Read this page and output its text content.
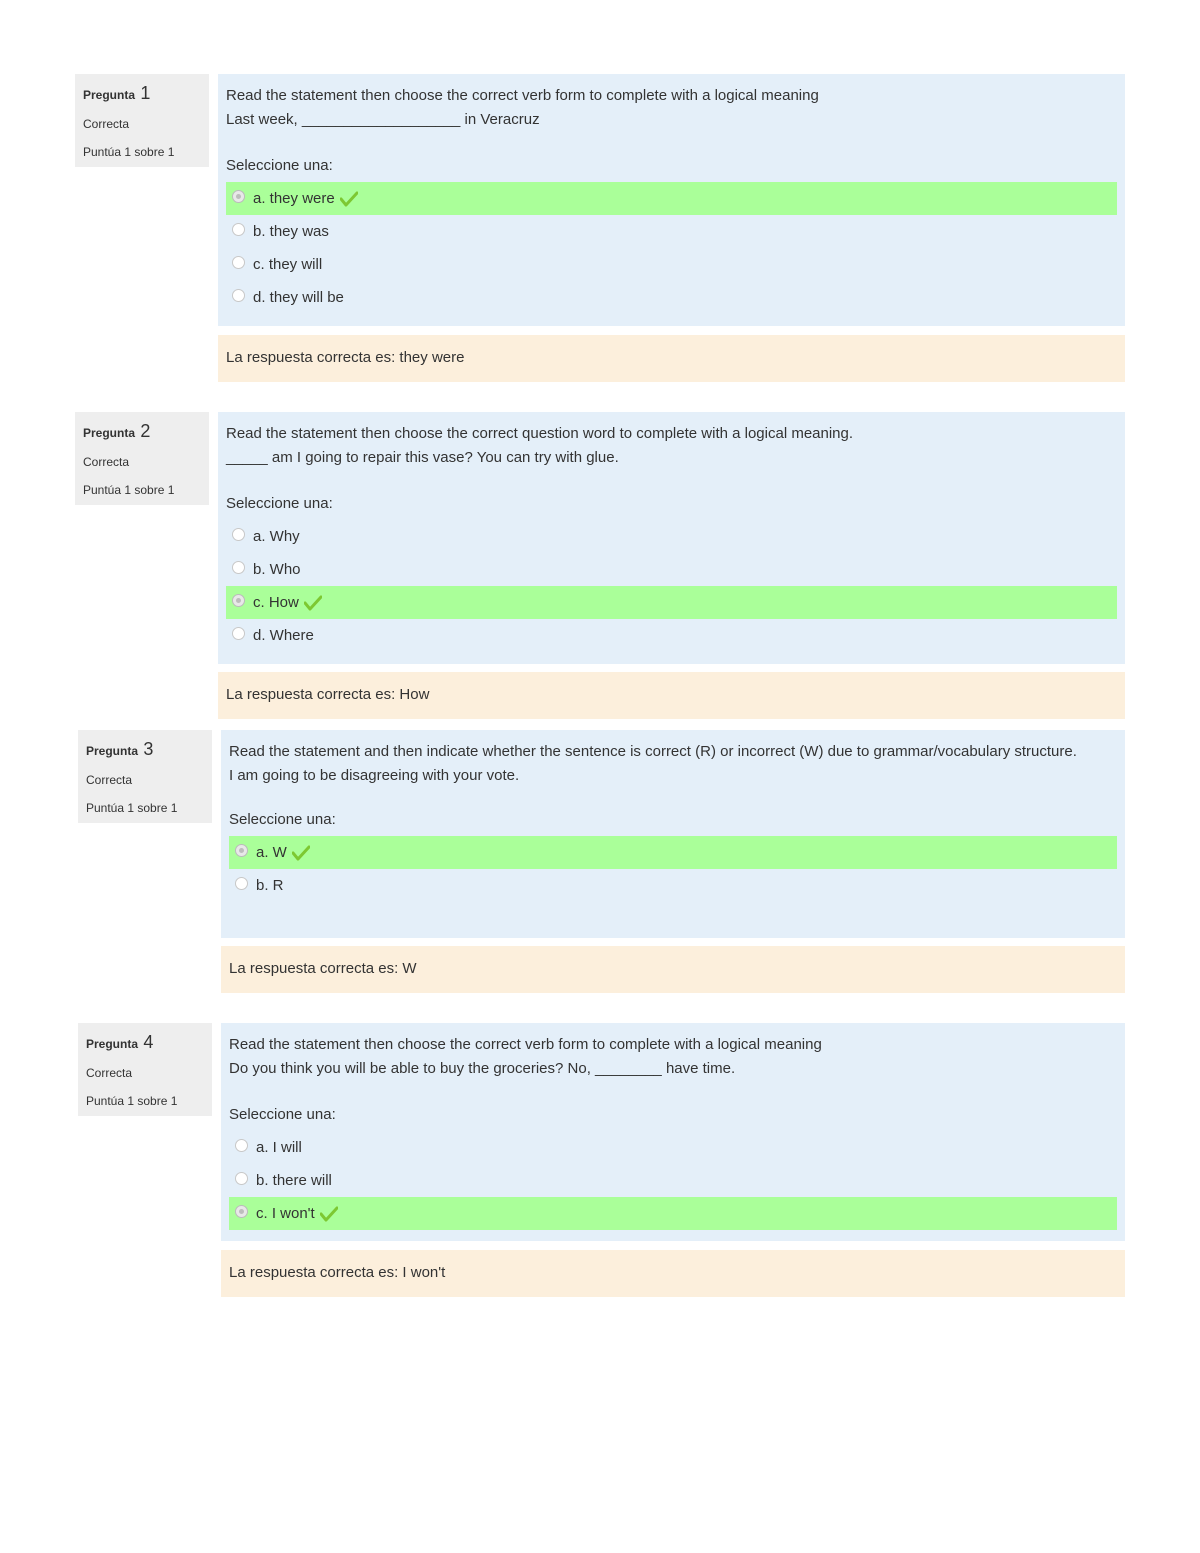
Pregunta 1
Correcta
Puntúa 1 sobre 1
Read the statement then choose the correct verb form to complete with a logical meaning
Last week, ___________________ in Veracruz
Seleccione una:
a. they were
b. they was
c. they will
d. they will be
La respuesta correcta es: they were
Pregunta 2
Correcta
Puntúa 1 sobre 1
Read the statement then choose the correct question word to complete with a logical meaning.
_____ am I going to repair this vase? You can try with glue.
Seleccione una:
a. Why
b. Who
c. How
d. Where
La respuesta correcta es: How
Pregunta 3
Correcta
Puntúa 1 sobre 1
Read the statement and then indicate whether the sentence is correct (R) or incorrect (W) due to grammar/vocabulary structure.
I am going to be disagreeing with your vote.
Seleccione una:
a. W
b. R
La respuesta correcta es: W
Pregunta 4
Correcta
Puntúa 1 sobre 1
Read the statement then choose the correct verb form to complete with a logical meaning
Do you think you will be able to buy the groceries? No, ________ have time.
Seleccione una:
a. I will
b. there will
c. I won't
La respuesta correcta es: I won't
